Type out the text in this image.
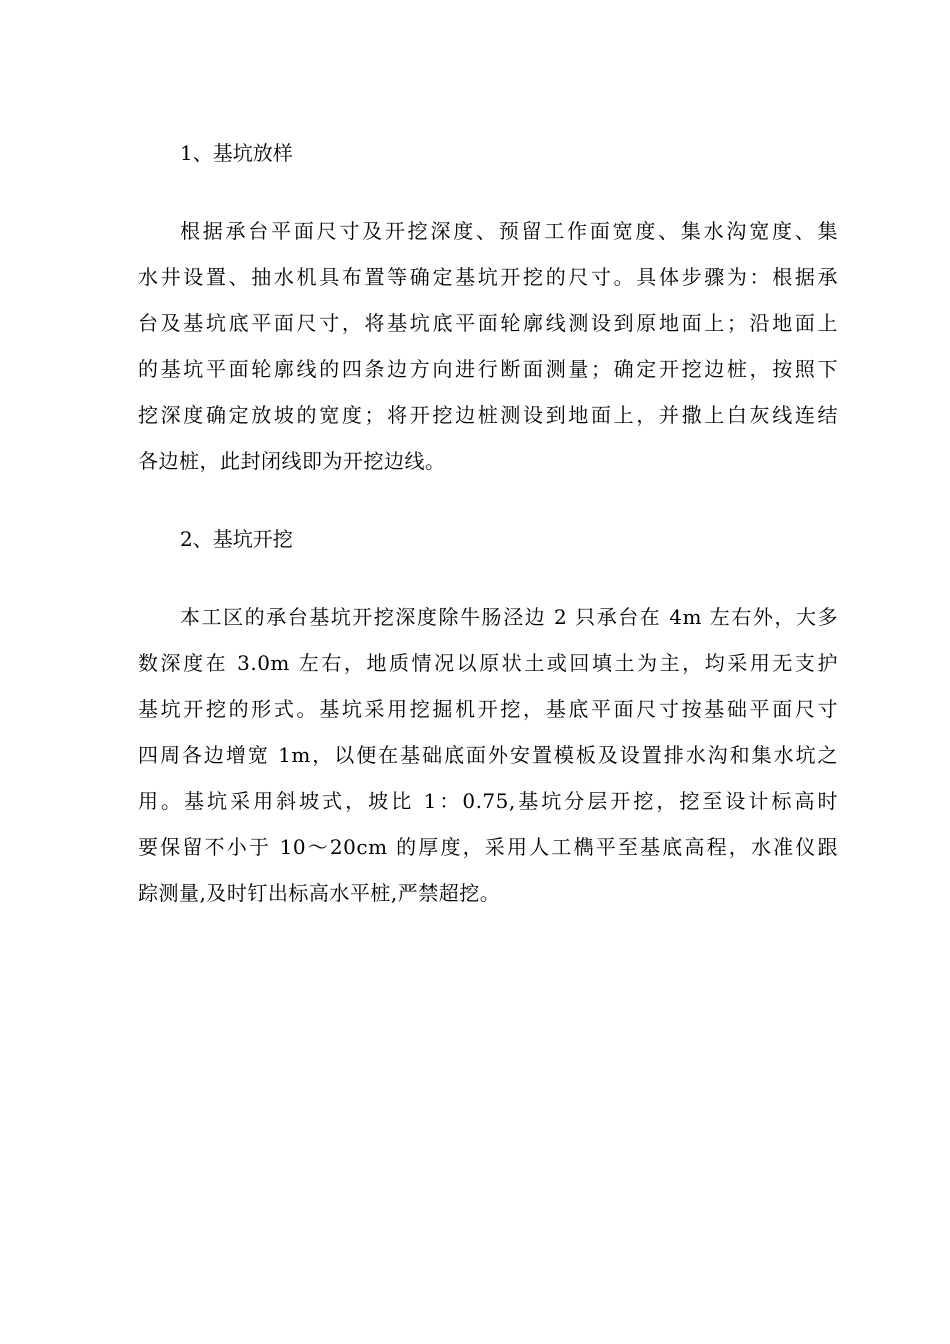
1、基坑放样

根据承台平面尺寸及开挖深度、预留工作面宽度、集水沟宽度、集
水井设置、抽水机具布置等确定基坑开挖的尺寸。具体步骤为：根据承
台及基坑底平面尺寸，将基坑底平面轮廓线测设到原地面上；沿地面上
的基坑平面轮廓线的四条边方向进行断面测量；确定开挖边桩，按照下
挖深度确定放坡的宽度；将开挖边桩测设到地面上，并撒上白灰线连结
各边桩，此封闭线即为开挖边线。

2、基坑开挖

本工区的承台基坑开挖深度除牛肠泾边 2 只承台在 4m 左右外，大多
数深度在 3.0m 左右，地质情况以原状土或回填土为主，均采用无支护
基坑开挖的形式。基坑采用挖掘机开挖，基底平面尺寸按基础平面尺寸
四周各边增宽 1m，以便在基础底面外安置模板及设置排水沟和集水坑之
用。基坑采用斜坡式，坡比 1：0.75,基坑分层开挖，挖至设计标高时
要保留不小于 10～20cm 的厚度，采用人工檇平至基底高程，水准仪跟
踪测量,及时钉出标高水平桩,严禁超挖。
